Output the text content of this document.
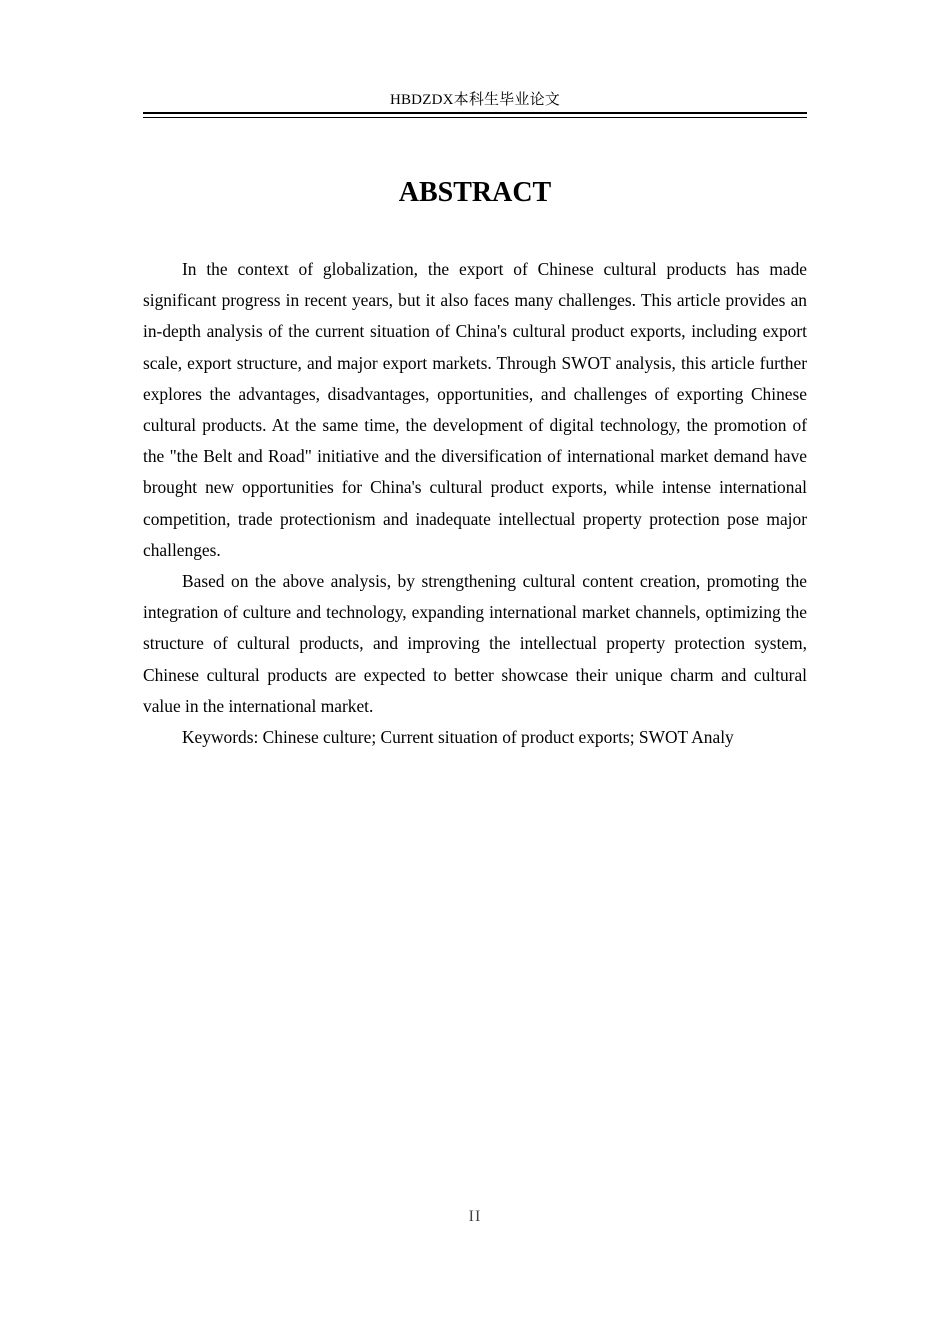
HBDZDX本科生毕业论文
ABSTRACT

In the context of globalization, the export of Chinese cultural products has made significant progress in recent years, but it also faces many challenges. This article provides an in-depth analysis of the current situation of China's cultural product exports, including export scale, export structure, and major export markets. Through SWOT analysis, this article further explores the advantages, disadvantages, opportunities, and challenges of exporting Chinese cultural products. At the same time, the development of digital technology, the promotion of the "the Belt and Road" initiative and the diversification of international market demand have brought new opportunities for China's cultural product exports, while intense international competition, trade protectionism and inadequate intellectual property protection pose major challenges.

Based on the above analysis, by strengthening cultural content creation, promoting the integration of culture and technology, expanding international market channels, optimizing the structure of cultural products, and improving the intellectual property protection system, Chinese cultural products are expected to better showcase their unique charm and cultural value in the international market.

Keywords: Chinese culture; Current situation of product exports; SWOT Analy

II
